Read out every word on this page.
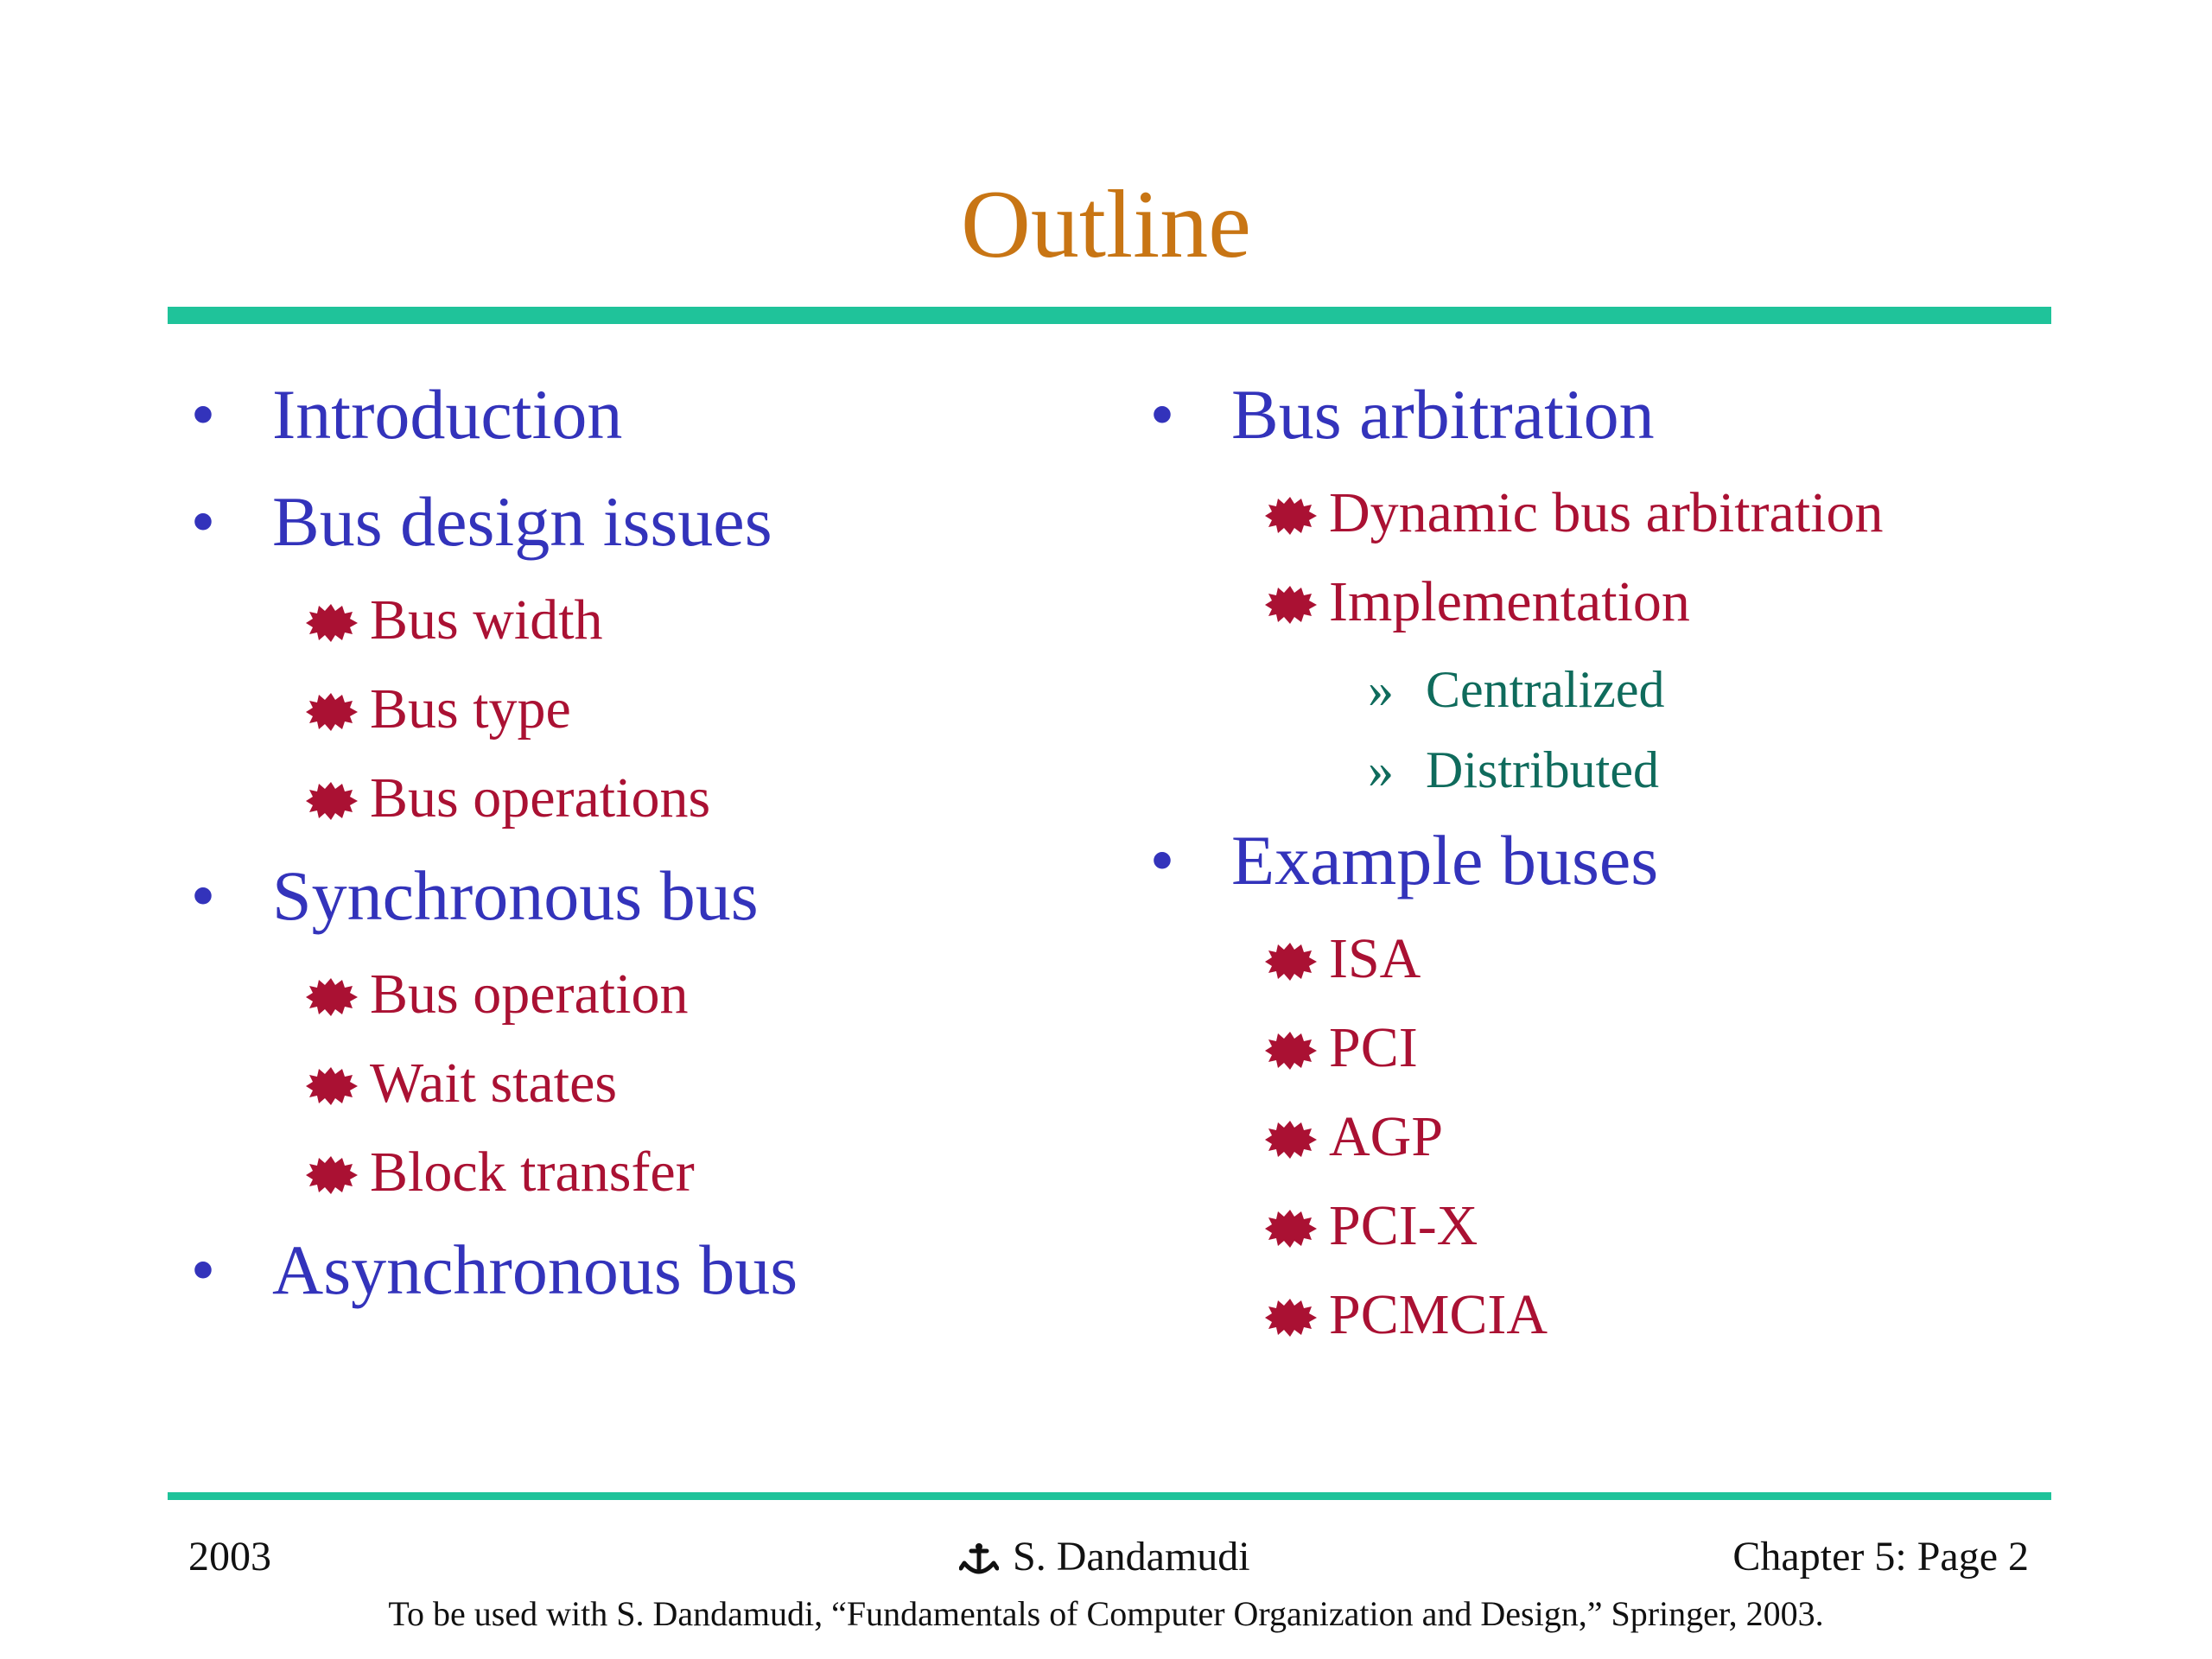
Outline
• Introduction
• Bus design issues
Bus width
Bus type
Bus operations
• Synchronous bus
Bus operation
Wait states
Block transfer
• Asynchronous bus
• Bus arbitration
Dynamic bus arbitration
Implementation
» Centralized
» Distributed
• Example buses
ISA
PCI
AGP
PCI-X
PCMCIA
2003	S. Dandamudi	Chapter 5: Page 2
To be used with S. Dandamudi, “Fundamentals of Computer Organization and Design,” Springer, 2003.
